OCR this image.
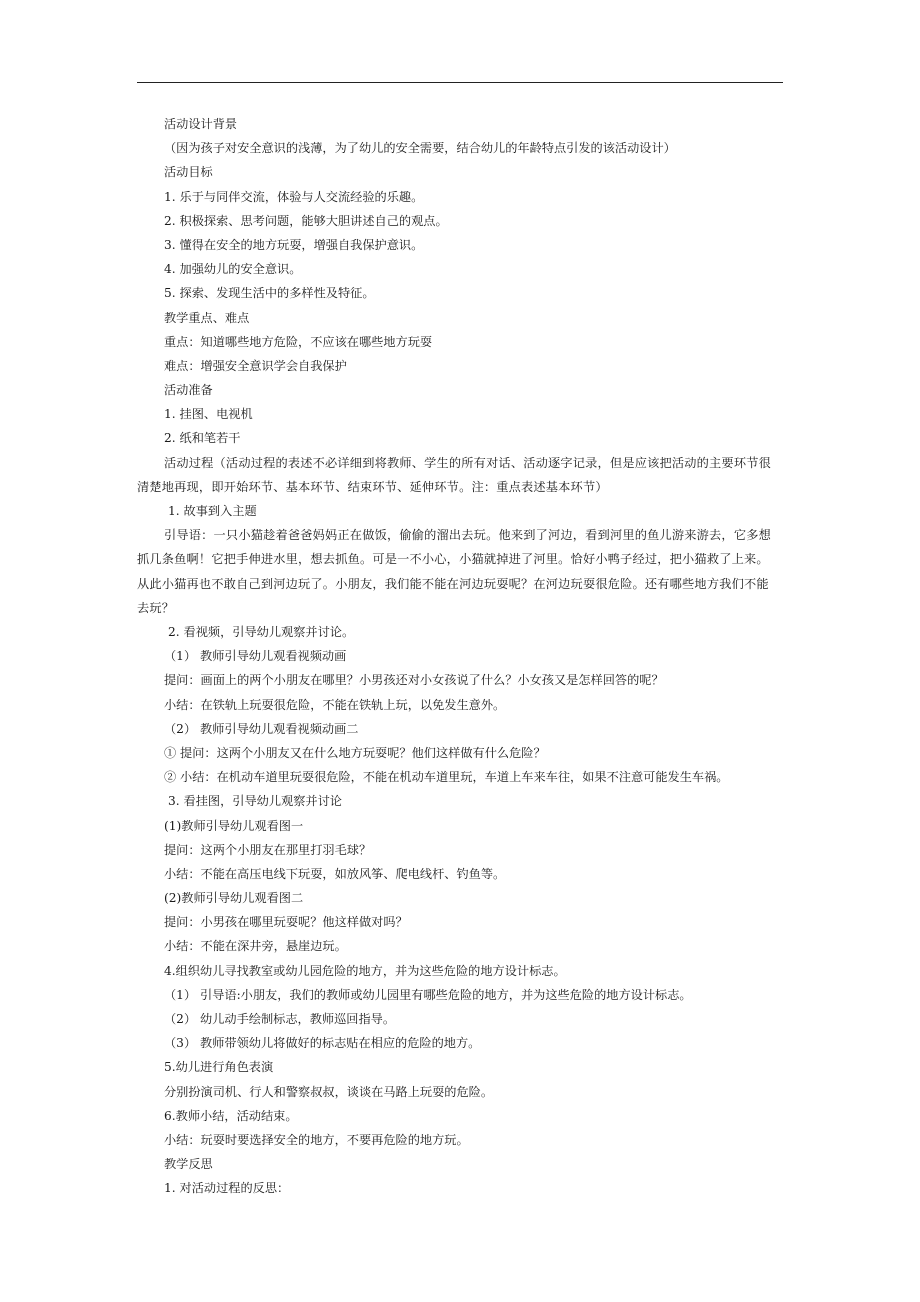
活动设计背景
（因为孩子对安全意识的浅薄，为了幼儿的安全需要，结合幼儿的年龄特点引发的该活动设计）
活动目标
1. 乐于与同伴交流，体验与人交流经验的乐趣。
2. 积极探索、思考问题，能够大胆讲述自己的观点。
3. 懂得在安全的地方玩耍，增强自我保护意识。
4. 加强幼儿的安全意识。
5. 探索、发现生活中的多样性及特征。
教学重点、难点
重点：知道哪些地方危险，不应该在哪些地方玩耍
难点：增强安全意识学会自我保护
活动准备
1. 挂图、电视机
2. 纸和笔若干
活动过程（活动过程的表述不必详细到将教师、学生的所有对话、活动逐字记录，但是应该把活动的主要环节很清楚地再现，即开始环节、基本环节、结束环节、延伸环节。注：重点表述基本环节）
1. 故事到入主题
引导语：一只小猫趁着爸爸妈妈正在做饭，偷偷的溜出去玩。他来到了河边，看到河里的鱼儿游来游去，它多想抓几条鱼啊！它把手伸进水里，想去抓鱼。可是一不小心，小猫就掉进了河里。恰好小鸭子经过，把小猫救了上来。从此小猫再也不敢自己到河边玩了。小朋友，我们能不能在河边玩耍呢？在河边玩耍很危险。还有哪些地方我们不能去玩？
2. 看视频，引导幼儿观察并讨论。
（1） 教师引导幼儿观看视频动画
提问：画面上的两个小朋友在哪里？小男孩还对小女孩说了什么？小女孩又是怎样回答的呢？
小结：在铁轨上玩耍很危险，不能在铁轨上玩，以免发生意外。
（2） 教师引导幼儿观看视频动画二
① 提问：这两个小朋友又在什么地方玩耍呢？他们这样做有什么危险？
② 小结：在机动车道里玩耍很危险，不能在机动车道里玩，车道上车来车往，如果不注意可能发生车祸。
3. 看挂图，引导幼儿观察并讨论
(1)教师引导幼儿观看图一
提问：这两个小朋友在那里打羽毛球？
小结：不能在高压电线下玩耍，如放风筝、爬电线杆、钓鱼等。
(2)教师引导幼儿观看图二
提问：小男孩在哪里玩耍呢？他这样做对吗？
小结：不能在深井旁，悬崖边玩。
4.组织幼儿寻找教室或幼儿园危险的地方，并为这些危险的地方设计标志。
（1） 引导语:小朋友，我们的教师或幼儿园里有哪些危险的地方，并为这些危险的地方设计标志。
（2） 幼儿动手绘制标志，教师巡回指导。
（3） 教师带领幼儿将做好的标志贴在相应的危险的地方。
5.幼儿进行角色表演
分别扮演司机、行人和警察叔叔，谈谈在马路上玩耍的危险。
6.教师小结，活动结束。
小结：玩耍时要选择安全的地方，不要再危险的地方玩。
教学反思
1. 对活动过程的反思：
